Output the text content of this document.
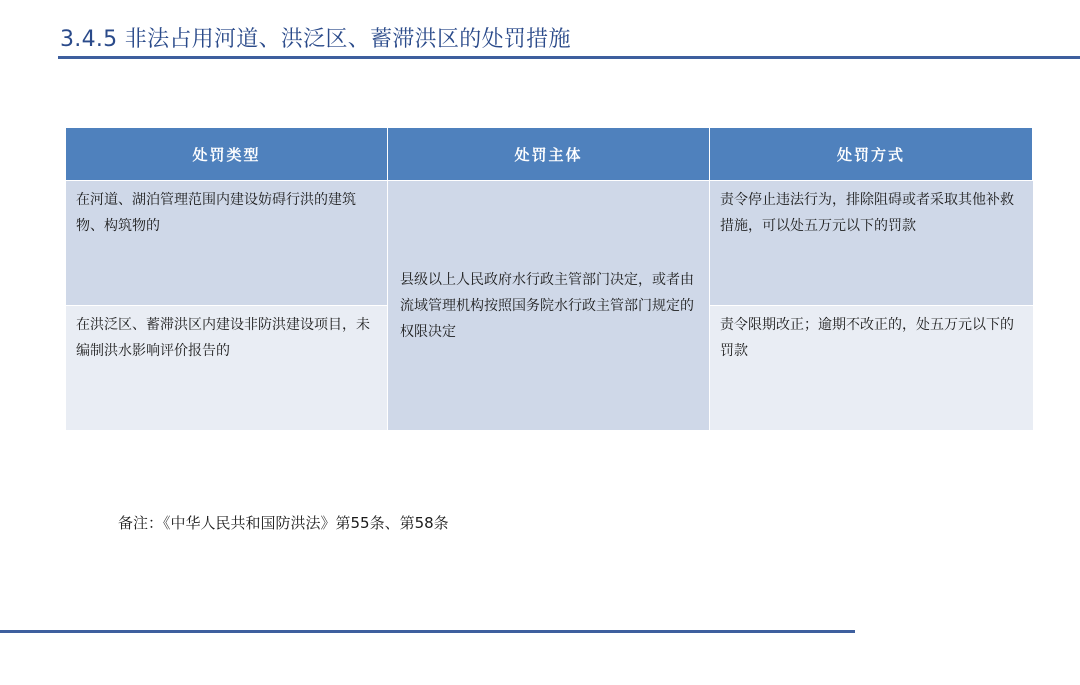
3.4.5 非法占用河道、洪泛区、蓄滞洪区的处罚措施
处罚类型	处罚主体	处罚方式
在河道、湖泊管理范围内建设妨碍行洪的建筑物、构筑物的
县级以上人民政府水行政主管部门决定，或者由流域管理机构按照国务院水行政主管部门规定的权限决定
责令停止违法行为，排除阻碍或者采取其他补救措施，可以处五万元以下的罚款
在洪泛区、蓄滞洪区内建设非防洪建设项目，未编制洪水影响评价报告的
责令限期改正；逾期不改正的，处五万元以下的罚款
备注：《中华人民共和国防洪法》第55条、第58条
